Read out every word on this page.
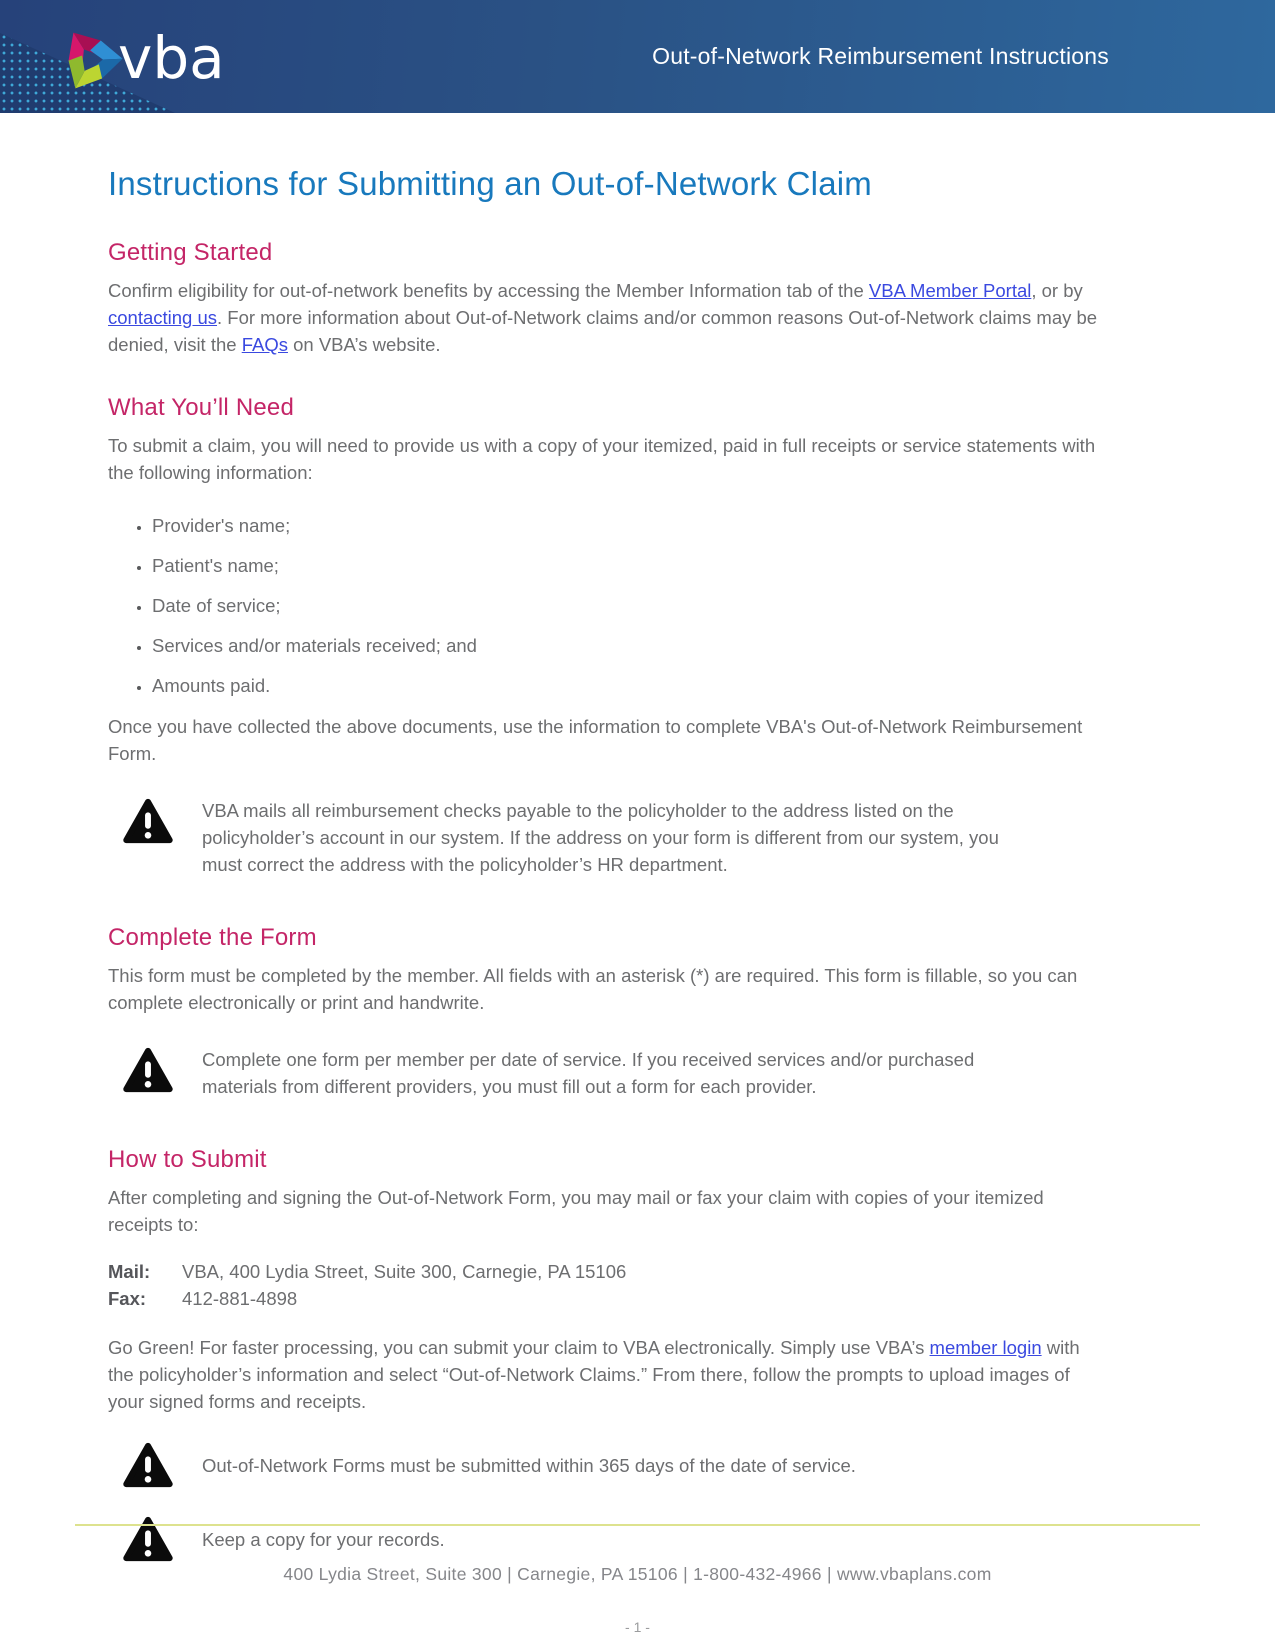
vba	Out-of-Network Reimbursement Instructions
Instructions for Submitting an Out-of-Network Claim
Getting Started

Confirm eligibility for out-of-network benefits by accessing the Member Information tab of the VBA Member Portal, or by contacting us. For more information about Out-of-Network claims and/or common reasons Out-of-Network claims may be denied, visit the FAQs on VBA’s website.

What You’ll Need

To submit a claim, you will need to provide us with a copy of your itemized, paid in full receipts or service statements with the following information:

• Provider's name;
• Patient's name;
• Date of service;
• Services and/or materials received; and
• Amounts paid.

Once you have collected the above documents, use the information to complete VBA's Out-of-Network Reimbursement Form.

VBA mails all reimbursement checks payable to the policyholder to the address listed on the policyholder’s account in our system. If the address on your form is different from our system, you must correct the address with the policyholder’s HR department.
Complete the Form

This form must be completed by the member. All fields with an asterisk (*) are required. This form is fillable, so you can complete electronically or print and handwrite.

Complete one form per member per date of service. If you received services and/or purchased materials from different providers, you must fill out a form for each provider.
How to Submit

After completing and signing the Out-of-Network Form, you may mail or fax your claim with copies of your itemized receipts to:

Mail:	VBA, 400 Lydia Street, Suite 300, Carnegie, PA 15106
Fax:	412-881-4898

Go Green! For faster processing, you can submit your claim to VBA electronically. Simply use VBA’s member login with the policyholder’s information and select “Out-of-Network Claims.” From there, follow the prompts to upload images of your signed forms and receipts.

Out-of-Network Forms must be submitted within 365 days of the date of service.
Keep a copy for your records.
400 Lydia Street, Suite 300 | Carnegie, PA 15106 | 1-800-432-4966 | www.vbaplans.com
- 1 -
